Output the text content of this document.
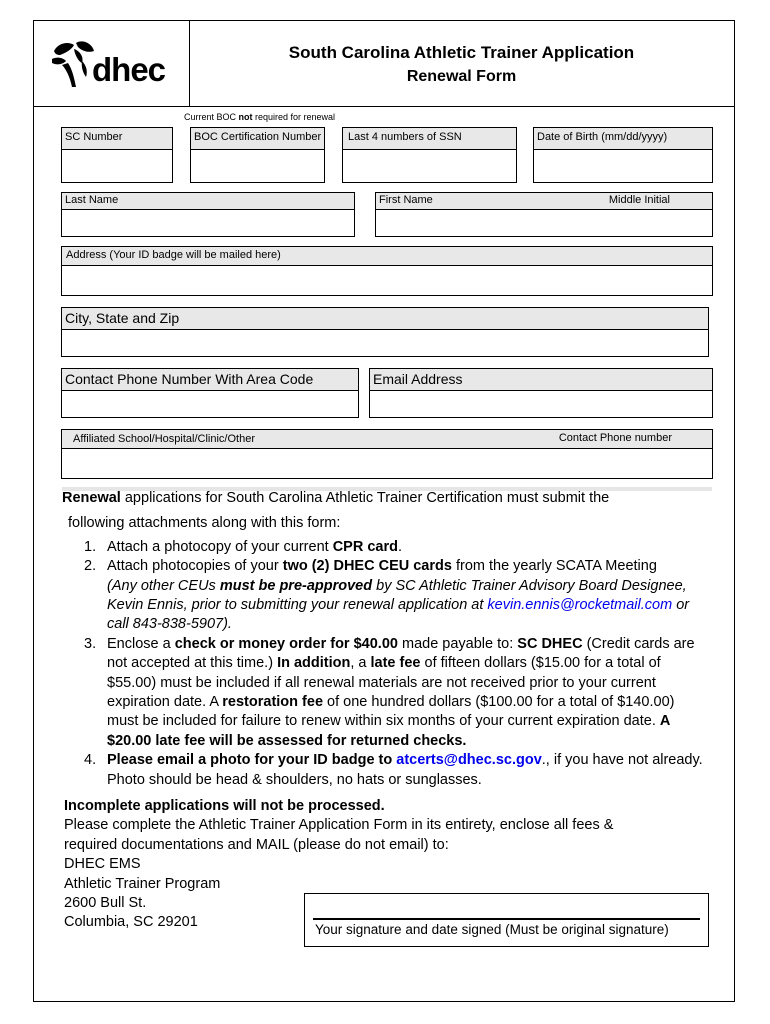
dhec	South Carolina Athletic Trainer Application
Renewal Form
Current BOC not required for renewal
SC Number	BOC Certification Number	Last 4 numbers of SSN	Date of Birth (mm/dd/yyyy)
Last Name	First Name	Middle Initial
Address (Your ID badge will be mailed here)
City, State and Zip
Contact Phone Number With Area Code	Email Address
Affiliated School/Hospital/Clinic/Other	Contact Phone number

Renewal applications for South Carolina Athletic Trainer Certification must submit the

following attachments along with this form:

1. Attach a photocopy of your current CPR card.
2. Attach photocopies of your two (2) DHEC CEU cards from the yearly SCATA Meeting
(Any other CEUs must be pre-approved by SC Athletic Trainer Advisory Board Designee, Kevin Ennis, prior to submitting your renewal application at kevin.ennis@rocketmail.com or call 843-838-5907).
3. Enclose a check or money order for $40.00 made payable to: SC DHEC (Credit cards are not accepted at this time.) In addition, a late fee of fifteen dollars ($15.00 for a total of $55.00) must be included if all renewal materials are not received prior to your current expiration date. A restoration fee of one hundred dollars ($100.00 for a total of $140.00) must be included for failure to renew within six months of your current expiration date. A $20.00 late fee will be assessed for returned checks.
4. Please email a photo for your ID badge to atcerts@dhec.sc.gov., if you have not already. Photo should be head & shoulders, no hats or sunglasses.

Incomplete applications will not be processed.

Please complete the Athletic Trainer Application Form in its entirety, enclose all fees & required documentations and MAIL (please do not email) to:

DHEC EMS

Athletic Trainer Program

2600 Bull St.

Columbia, SC 29201	Your signature and date signed (Must be original signature)
